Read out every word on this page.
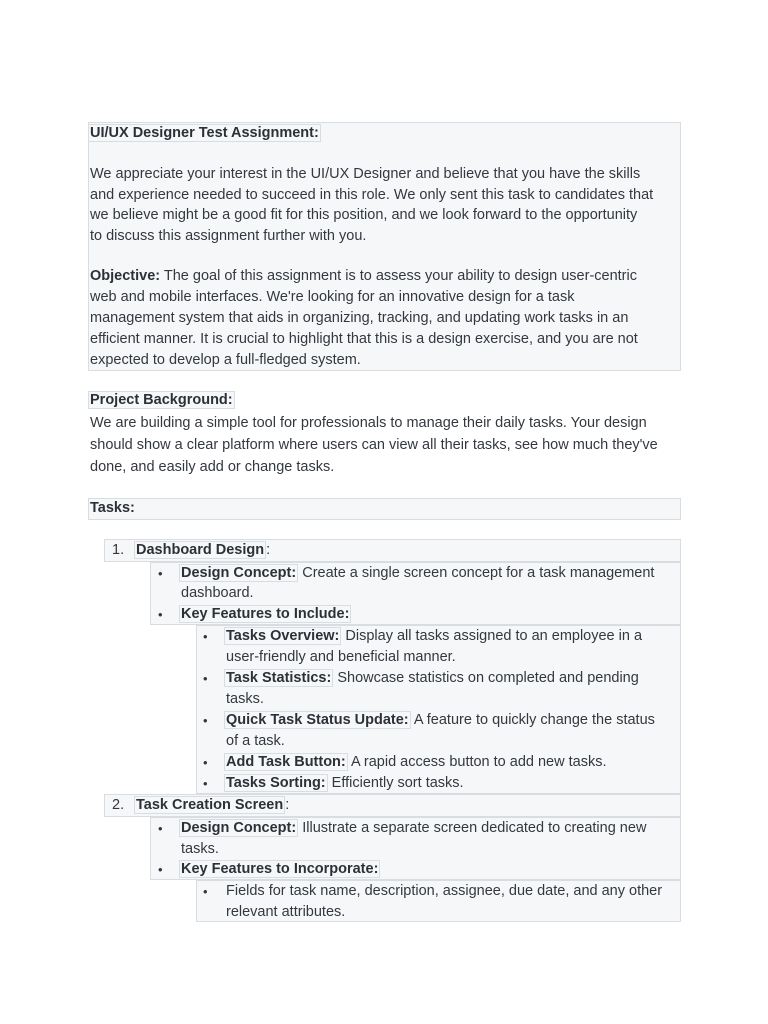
UI/UX Designer Test Assignment:
We appreciate your interest in the UI/UX Designer and believe that you have the skills
and experience needed to succeed in this role. We only sent this task to candidates that
we believe might be a good fit for this position, and we look forward to the opportunity
to discuss this assignment further with you.
Objective: The goal of this assignment is to assess your ability to design user-centric
web and mobile interfaces. We're looking for an innovative design for a task
management system that aids in organizing, tracking, and updating work tasks in an
efficient manner. It is crucial to highlight that this is a design exercise, and you are not
expected to develop a full-fledged system.
Project Background:
We are building a simple tool for professionals to manage their daily tasks. Your design
should show a clear platform where users can view all their tasks, see how much they've
done, and easily add or change tasks.
Tasks:
1. Dashboard Design :
• Design Concept: Create a single screen concept for a task management
dashboard.
• Key Features to Include:
• Tasks Overview: Display all tasks assigned to an employee in a
user-friendly and beneficial manner.
• Task Statistics: Showcase statistics on completed and pending
tasks.
• Quick Task Status Update: A feature to quickly change the status
of a task.
• Add Task Button: A rapid access button to add new tasks.
• Tasks Sorting: Efficiently sort tasks.
2. Task Creation Screen :
• Design Concept: Illustrate a separate screen dedicated to creating new
tasks.
• Key Features to Incorporate:
• Fields for task name, description, assignee, due date, and any other
relevant attributes.
